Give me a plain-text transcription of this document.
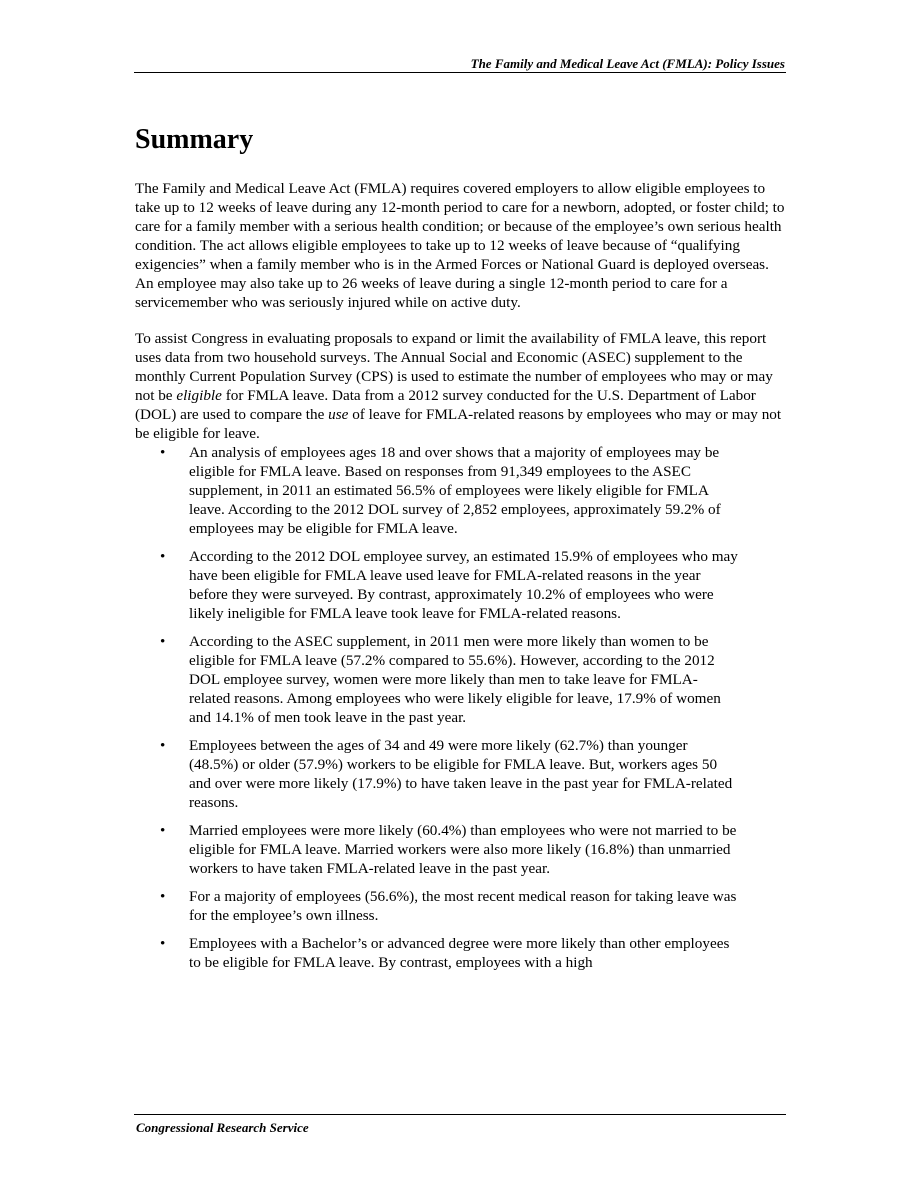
The Family and Medical Leave Act (FMLA): Policy Issues
Summary

The Family and Medical Leave Act (FMLA) requires covered employers to allow eligible employees to take up to 12 weeks of leave during any 12-month period to care for a newborn, adopted, or foster child; to care for a family member with a serious health condition; or because of the employee’s own serious health condition. The act allows eligible employees to take up to 12 weeks of leave because of “qualifying exigencies” when a family member who is in the Armed Forces or National Guard is deployed overseas. An employee may also take up to 26 weeks of leave during a single 12-month period to care for a servicemember who was seriously injured while on active duty.

To assist Congress in evaluating proposals to expand or limit the availability of FMLA leave, this report uses data from two household surveys. The Annual Social and Economic (ASEC) supplement to the monthly Current Population Survey (CPS) is used to estimate the number of employees who may or may not be eligible for FMLA leave. Data from a 2012 survey conducted for the U.S. Department of Labor (DOL) are used to compare the use of leave for FMLA-related reasons by employees who may or may not be eligible for leave.

• An analysis of employees ages 18 and over shows that a majority of employees may be eligible for FMLA leave. Based on responses from 91,349 employees to the ASEC supplement, in 2011 an estimated 56.5% of employees were likely eligible for FMLA leave. According to the 2012 DOL survey of 2,852 employees, approximately 59.2% of employees may be eligible for FMLA leave.
• According to the 2012 DOL employee survey, an estimated 15.9% of employees who may have been eligible for FMLA leave used leave for FMLA-related reasons in the year before they were surveyed. By contrast, approximately 10.2% of employees who were likely ineligible for FMLA leave took leave for FMLA-related reasons.
• According to the ASEC supplement, in 2011 men were more likely than women to be eligible for FMLA leave (57.2% compared to 55.6%). However, according to the 2012 DOL employee survey, women were more likely than men to take leave for FMLA-related reasons. Among employees who were likely eligible for leave, 17.9% of women and 14.1% of men took leave in the past year.
• Employees between the ages of 34 and 49 were more likely (62.7%) than younger (48.5%) or older (57.9%) workers to be eligible for FMLA leave. But, workers ages 50 and over were more likely (17.9%) to have taken leave in the past year for FMLA-related reasons.
• Married employees were more likely (60.4%) than employees who were not married to be eligible for FMLA leave. Married workers were also more likely (16.8%) than unmarried workers to have taken FMLA-related leave in the past year.
• For a majority of employees (56.6%), the most recent medical reason for taking leave was for the employee’s own illness.
• Employees with a Bachelor’s or advanced degree were more likely than other employees to be eligible for FMLA leave. By contrast, employees with a high
Congressional Research Service
